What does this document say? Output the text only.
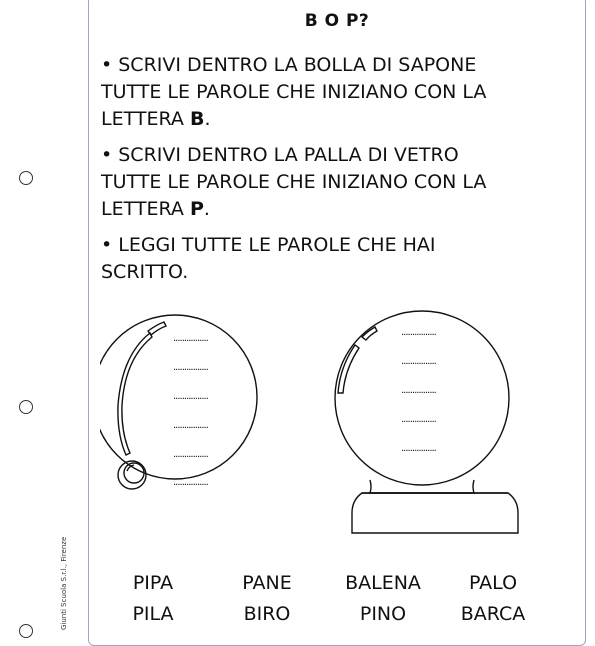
Giunti Scuola S.r.l., Firenze
B O P?
• SCRIVI DENTRO LA BOLLA DI SAPONE
TUTTE LE PAROLE CHE INIZIANO CON LA
LETTERA B.
• SCRIVI DENTRO LA PALLA DI VETRO
TUTTE LE PAROLE CHE INIZIANO CON LA
LETTERA P.
• LEGGI TUTTE LE PAROLE CHE HAI
SCRITTO.
................
................
................
................
................
................
................
................
................
................
................
PIPA	PANE	BALENA	PALO
PILA	BIRO	PINO	BARCA
